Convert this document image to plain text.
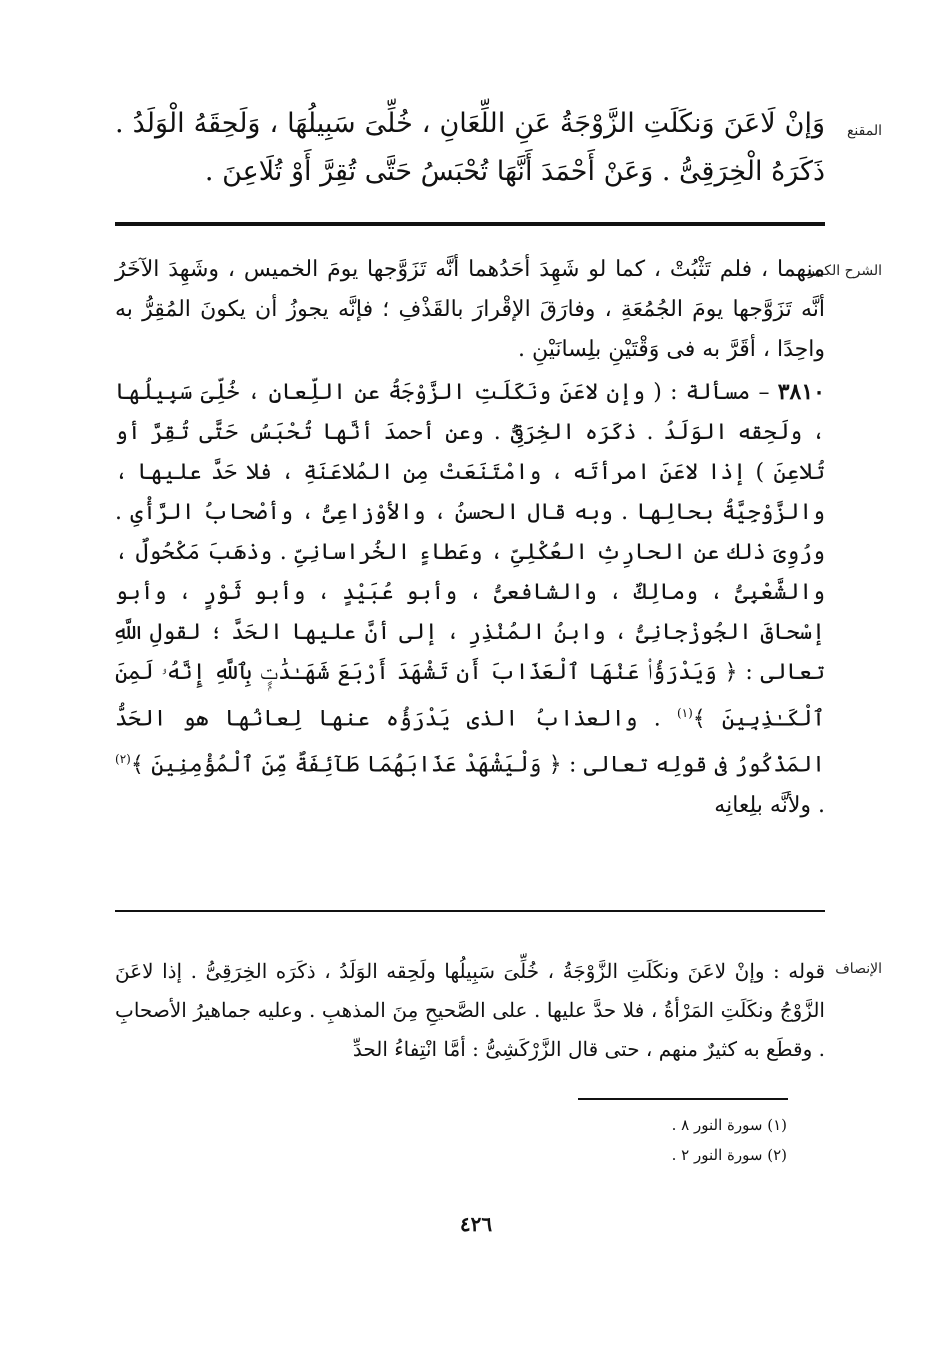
المقنع

وَإنْ لَاعَنَ وَنكَلَتِ الزَّوْجَةُ عَنِ اللِّعَانِ ، خُلِّىَ سَبِيلُهَا ، وَلَحِقَهُ الْوَلَدُ . ذَكَرَهُ الْخِرَقِىُّ . وَعَنْ أَحْمَدَ أَنَّهَا تُحْبَسُ حَتَّى تُقِرَّ أَوْ تُلَاعِنَ .

الشرح الكبير

منهما ، فلم تَثْبُتْ ، كما لو شَهِدَ أحَدُهما أنَّه تَزَوَّجها يومَ الخميس ، وشَهِدَ الآخَرُ أنَّه تَزَوَّجها يومَ الجُمُعَةِ ، وفارَقَ الإقْرارَ بالقَذْفِ ؛ فإنَّه يجوزُ أن يكونَ المُقِرُّ به واحِدًا ، أقَرَّ به فى وَقْتَيْنِ بلِسانَيْنِ .

٣٨١٠ – مسألة : ( وإن لاعَنَ ونَكَلَتِ الزَّوْجَةُ عن اللِّعانِ ، خُلِّىَ سَبِيلُها ، ولَحِقه الوَلَدُ . ذكَرَه الخِرَقِىُّ . وعن أحمدَ أنَّها تُحْبَسُ حَتَّى تُقِرَّ أو تُلاعِنَ ) إذا لاعَنَ امرأتَه ، وامْتَنَعَتْ مِن المُلاعَنَةِ ، فلا حَدَّ عليها ، والزَّوْجِيَّةُ بحالِها . وبه قال الحسنُ ، والأوْزاعِىُّ ، وأصْحابُ الرَّأْىِ . ورُوِىَ ذلك عن الحارِثِ العُكْلِىِّ ، وعَطاءٍ الخُراسانِىِّ . وذهَبَ مَكْحُولٌ ، والشَّعْبِىُّ ، ومالِكٌ ، والشافعىُّ ، وأبو عُبَيْدٍ ، وأبو ثَوْرٍ ، وأبو إسْحاقَ الجُوزْجانِىُّ ، وابنُ المُنْذِرِ ، إلى أنَّ عليها الحَدَّ ؛ لقولِ اللَّهِ تعالى : ﴿ وَيَدْرَؤُا۟ عَنْهَا ٱلْعَذَابَ أَن تَشْهَدَ أَرْبَعَ شَهَـٰدَٰتٍۭ بِٱللَّهِ إِنَّهُۥ لَمِنَ ٱلْكَـٰذِبِينَ ﴾$^{(١)}$ . والعذابُ الذى يَدْرَؤُه عنها لِعانُها هو الحَدُّ المَذْكُورُ فى قولِه تعالى : ﴿ وَلْيَشْهَدْ عَذَابَهُمَا طَآئِفَةٌ مِّنَ ٱلْمُؤْمِنِينَ ﴾$^{(٢)}$ . ولأنَّه بلِعانِه

الإنصاف

قوله : وإنْ لاعَنَ ونكَلَتِ الزَّوْجَةُ ، خُلِّىَ سَبِيلُها ولَحِقه الوَلَدُ ، ذكَرَه الخِرَقِىُّ . إذا لاعَنَ الزَّوْجُ ونكَلَتِ المَرْأةُ ، فلا حدَّ عليها . على الصَّحيحِ مِنَ المذهبِ . وعليه جماهيرُ الأصحابِ . وقطَع به كثيرٌ منهم ، حتى قال الزَّرْكَشِىُّ : أمَّا انْتِفاءُ الحدِّ

(١) سورة النور ٨ .
(٢) سورة النور ٢ .
٤٢٦
